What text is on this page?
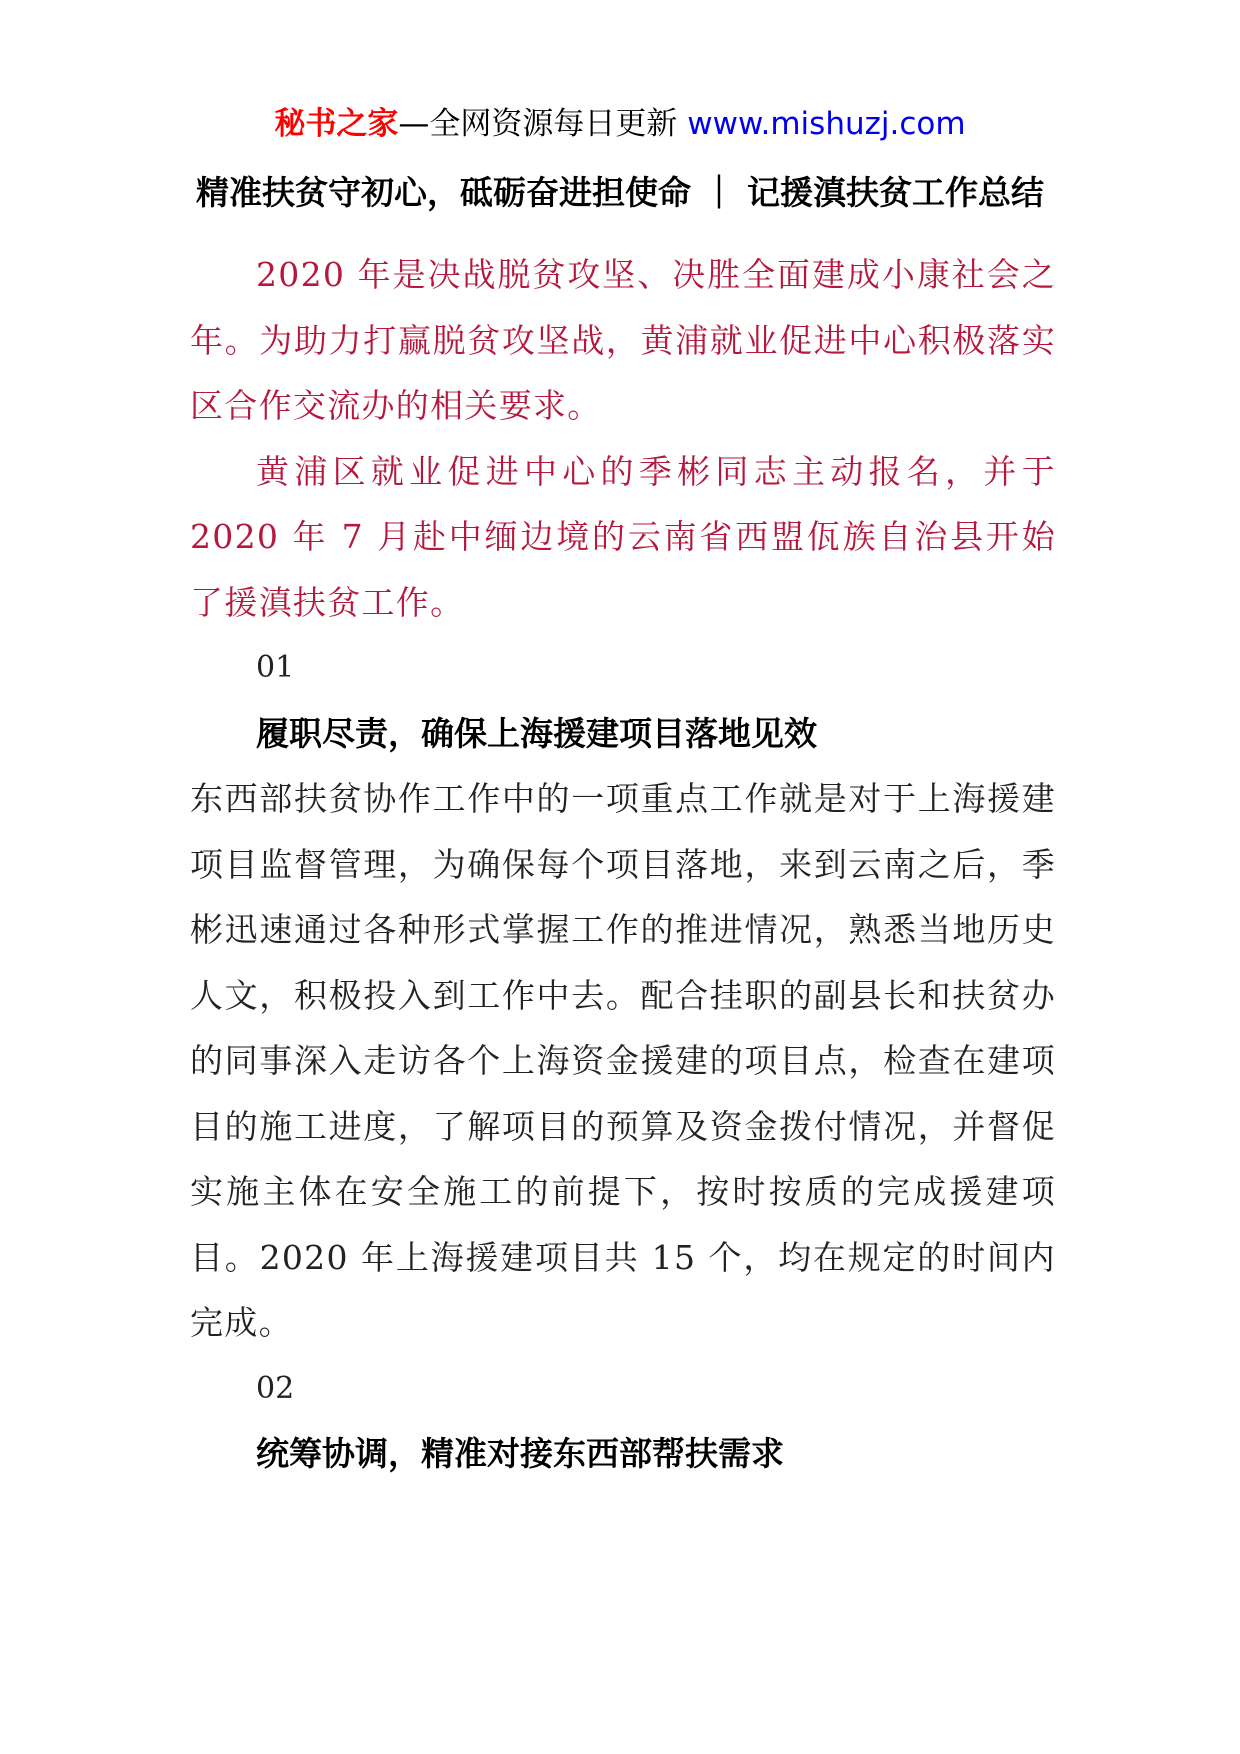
秘书之家—全网资源每日更新 www.mishuzj.com
精准扶贫守初心，砥砺奋进担使命 ｜ 记援滇扶贫工作总结

2020 年是决战脱贫攻坚、决胜全面建成小康社会之年。为助力打赢脱贫攻坚战，黄浦就业促进中心积极落实区合作交流办的相关要求。

黄浦区就业促进中心的季彬同志主动报名，并于 2020 年 7 月赴中缅边境的云南省西盟佤族自治县开始了援滇扶贫工作。

01

履职尽责，确保上海援建项目落地见效

东西部扶贫协作工作中的一项重点工作就是对于上海援建项目监督管理，为确保每个项目落地，来到云南之后，季彬迅速通过各种形式掌握工作的推进情况，熟悉当地历史人文，积极投入到工作中去。配合挂职的副县长和扶贫办的同事深入走访各个上海资金援建的项目点，检查在建项目的施工进度，了解项目的预算及资金拨付情况，并督促实施主体在安全施工的前提下，按时按质的完成援建项目。2020 年上海援建项目共 15 个，均在规定的时间内完成。

02

统筹协调，精准对接东西部帮扶需求
